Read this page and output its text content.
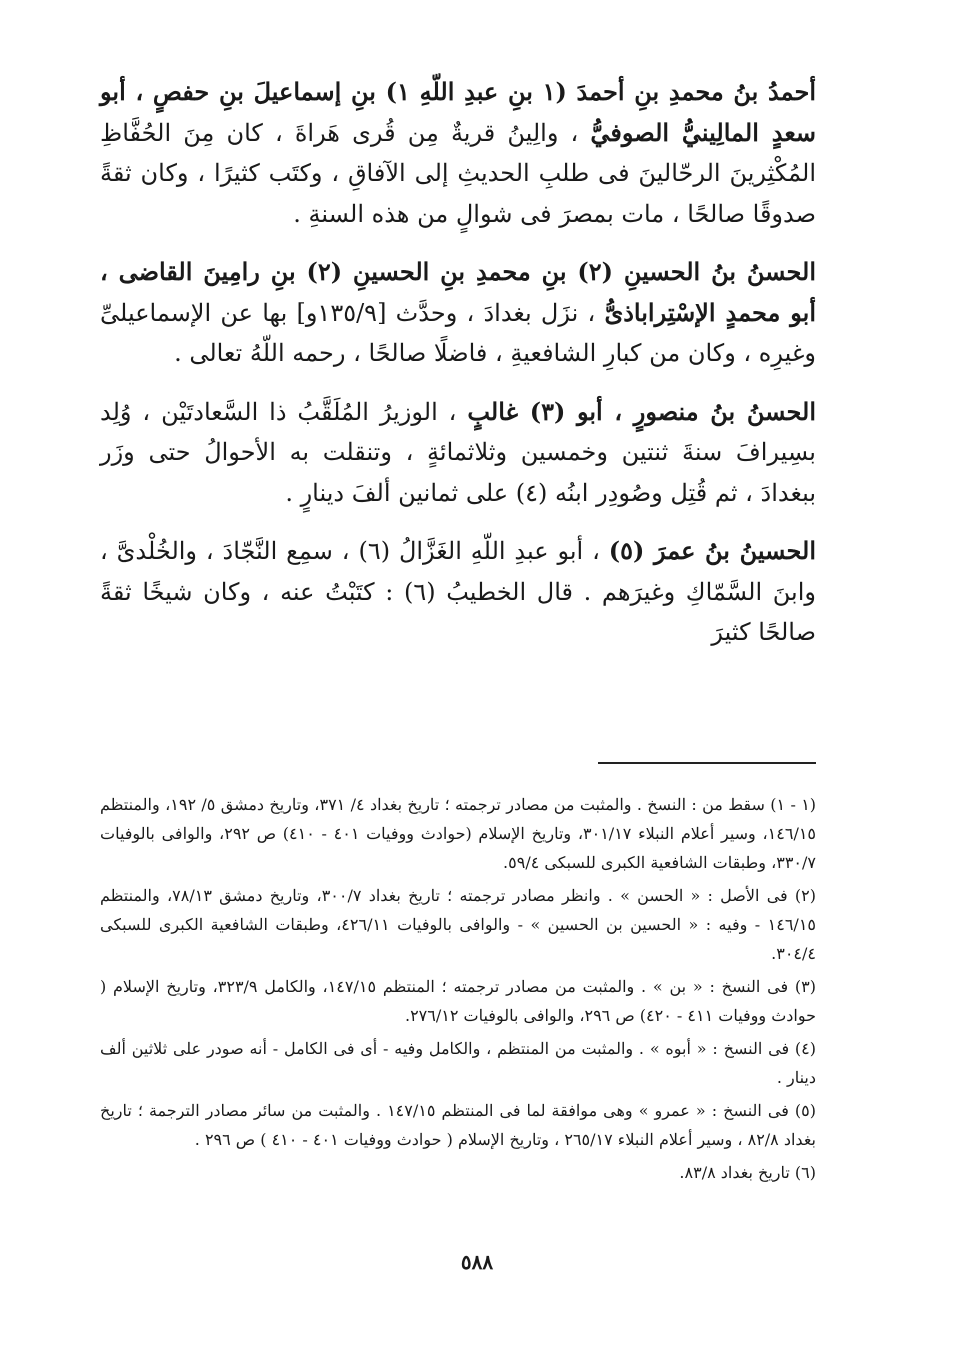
أحمدُ بنُ محمدِ بنِ أحمدَ (١ بنِ عبدِ اللّهِ ١) بنِ إسماعيلَ بنِ حفصٍ ، أبو سعدٍ المالِينيُّ الصوفيُّ ، والِينُ قريةٌ مِن قُرى هَراةَ ، كان مِنَ الحُفَّاظِ المُكْثِرينَ الرحّالينَ فى طلبِ الحديثِ إلى الآفاقِ ، وكتَب كثيرًا ، وكان ثقةً صدوقًا صالحًا ، مات بمصرَ فى شوالٍ من هذه السنةِ .

الحسنُ بنُ الحسينِ (٢) بنِ محمدِ بنِ الحسينِ (٢) بنِ رامِينَ القاضى ، أبو محمدٍ الإسْتِراباذىُّ ، نزَل بغدادَ ، وحدَّث [١٣٥/٩و] بها عن الإسماعيلىِّ وغيرِه ، وكان من كبارِ الشافعيةِ ، فاضلًا صالحًا ، رحمه اللّهُ تعالى .

الحسنُ بنُ منصورٍ ، أبو (٣) غالبٍ ، الوزيرُ المُلَقَّبُ ذا السَّعادتَيْن ، وُلِد بسِيرافَ سنةَ ثنتين وخمسين وثلاثمائةٍ ، وتنقلت به الأحوالُ حتى وزَر ببغدادَ ، ثم قُتِل وصُودِر ابنُه (٤) على ثمانين ألفَ دينارٍ .

الحسينُ بنُ عمرَ (٥) ، أبو عبدِ اللّهِ الغَزَّالُ (٦) ، سمِع النَّجّادَ ، والخُلْدىَّ ، وابنَ السَّمّاكِ وغيرَهم . قال الخطيبُ (٦) : كتَبْتُ عنه ، وكان شيخًا ثقةً صالحًا كثيرَ

(١ - ١) سقط من : النسخ . والمثبت من مصادر ترجمته ؛ تاريخ بغداد ٤/ ٣٧١، وتاريخ دمشق ٥/ ١٩٢، والمنتظم ١٤٦/١٥، وسير أعلام النبلاء ٣٠١/١٧، وتاريخ الإسلام (حوادث ووفيات ٤٠١ - ٤١٠) ص ٢٩٢، والوافى بالوفيات ٣٣٠/٧، وطبقات الشافعية الكبرى للسبكى ٥٩/٤.

(٢) فى الأصل : « الحسن » . وانظر مصادر ترجمته ؛ تاريخ بغداد ٣٠٠/٧، وتاريخ دمشق ٧٨/١٣، والمنتظم ١٤٦/١٥ - وفيه : « الحسين بن الحسين » - والوافى بالوفيات ٤٢٦/١١، وطبقات الشافعية الكبرى للسبكى ٣٠٤/٤.

(٣) فى النسخ : « بن » . والمثبت من مصادر ترجمته ؛ المنتظم ١٤٧/١٥، والكامل ٣٢٣/٩، وتاريخ الإسلام ( حوادث ووفيات ٤١١ - ٤٢٠) ص ٢٩٦، والوافى بالوفيات ٢٧٦/١٢.

(٤) فى النسخ : « أبوه » . والمثبت من المنتظم ، والكامل وفيه - أى فى الكامل - أنه صودر على ثلاثين ألف دينار .

(٥) فى النسخ : « عمرو » وهى موافقة لما فى المنتظم ١٤٧/١٥ . والمثبت من سائر مصادر الترجمة ؛ تاريخ بغداد ٨٢/٨ ، وسير أعلام النبلاء ٢٦٥/١٧ ، وتاريخ الإسلام ( حوادث ووفيات ٤٠١ - ٤١٠ ) ص ٢٩٦ .

(٦) تاريخ بغداد ٨٣/٨.

٥٨٨
